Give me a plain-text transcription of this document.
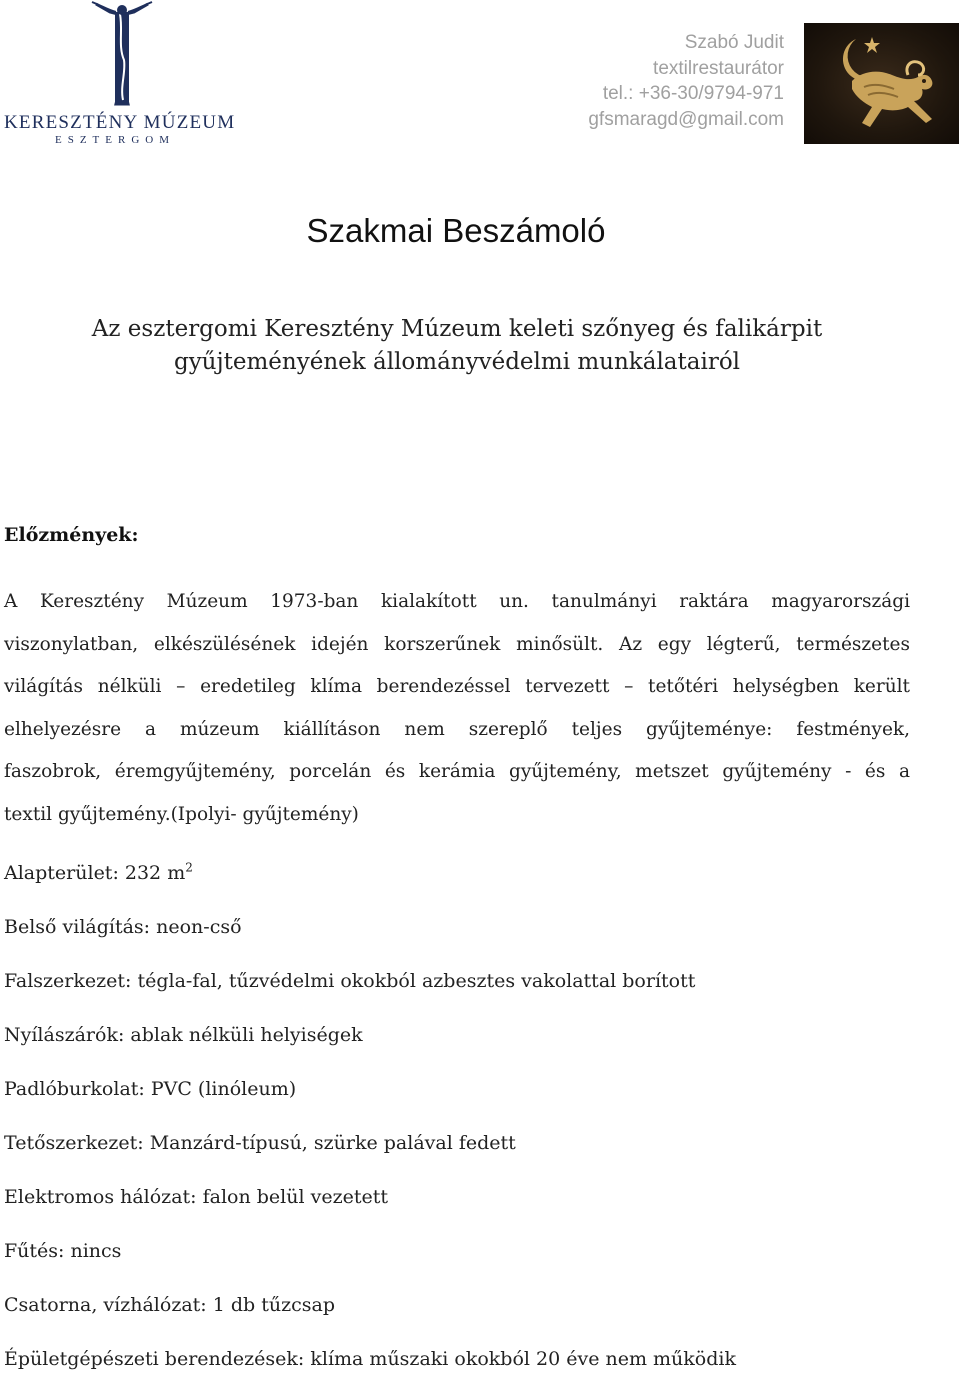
KERESZTÉNY MÚZEUM
ESZTERGOM
Szabó Judit
textilrestaurátor
tel.: +36-30/9794-971
gfsmaragd@gmail.com
Szakmai Beszámoló
Az esztergomi Keresztény Múzeum keleti szőnyeg és falikárpit
gyűjteményének állományvédelmi munkálatairól
Előzmények:
A Keresztény Múzeum 1973-ban kialakított un. tanulmányi raktára magyarországi
viszonylatban, elkészülésének idején korszerűnek minősült. Az egy légterű, természetes
világítás nélküli – eredetileg klíma berendezéssel tervezett – tetőtéri helységben került
elhelyezésre a múzeum kiállításon nem szereplő teljes gyűjteménye: festmények,
faszobrok, éremgyűjtemény, porcelán és kerámia gyűjtemény, metszet gyűjtemény - és a
textil gyűjtemény.(Ipolyi- gyűjtemény)
Alapterület: 232 $m^2$
Belső világítás: neon-cső
Falszerkezet: tégla-fal, tűzvédelmi okokból azbesztes vakolattal borított
Nyílászárók: ablak nélküli helyiségek
Padlóburkolat: PVC (linóleum)
Tetőszerkezet: Manzárd-típusú, szürke palával fedett
Elektromos hálózat: falon belül vezetett
Fűtés: nincs
Csatorna, vízhálózat: 1 db tűzcsap
Épületgépészeti berendezések: klíma műszaki okokból 20 éve nem működik
